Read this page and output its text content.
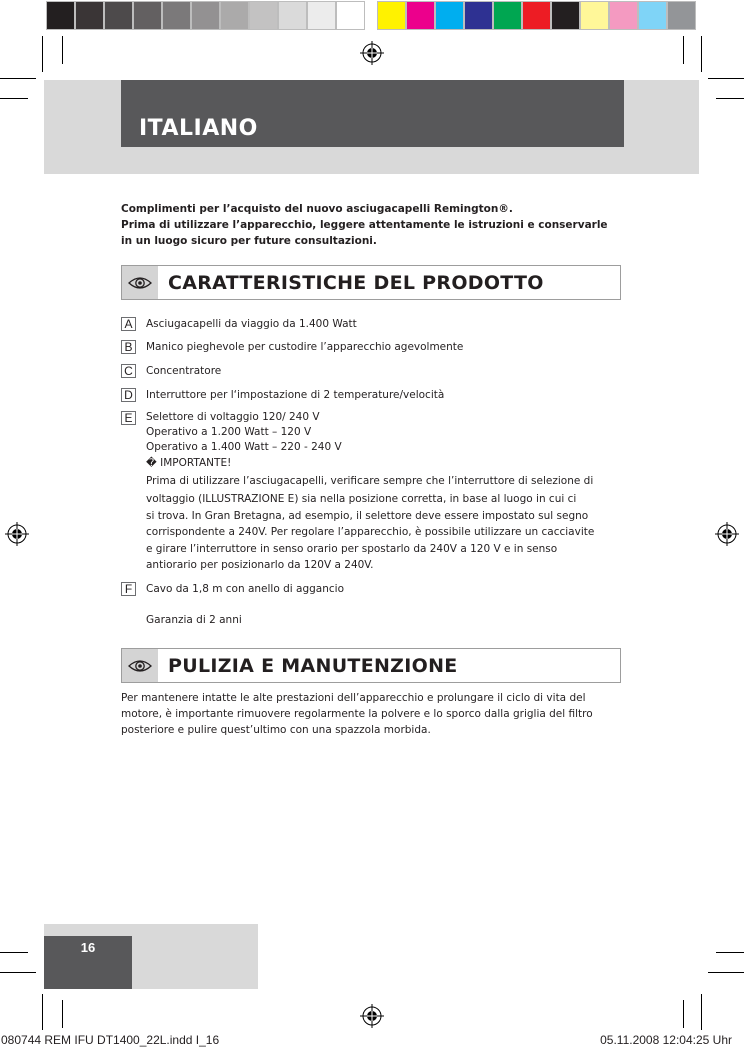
ITALIANO
Complimenti per l’acquisto del nuovo asciugacapelli Remington®.
Prima di utilizzare l’apparecchio, leggere attentamente le istruzioni e conservarle
in un luogo sicuro per future consultazioni.
CARATTERISTICHE DEL PRODOTTO
A	Asciugacapelli da viaggio da 1.400 Watt
B	Manico pieghevole per custodire l’apparecchio agevolmente
C	Concentratore
D	Interruttore per l‘impostazione di 2 temperature/velocità
E	Selettore di voltaggio 120/ 240 V
Operativo a 1.200 Watt – 120 V
Operativo a 1.400 Watt – 220 - 240 V
� IMPORTANTE!
Prima di utilizzare l’asciugacapelli, verificare sempre che l’interruttore di selezione di
voltaggio (ILLUSTRAZIONE E) sia nella posizione corretta, in base al luogo in cui ci
si trova. In Gran Bretagna, ad esempio, il selettore deve essere impostato sul segno
corrispondente a 240V. Per regolare l’apparecchio, è possibile utilizzare un cacciavite
e girare l’interruttore in senso orario per spostarlo da 240V a 120 V e in senso
antiorario per posizionarlo da 120V a 240V.
F	Cavo da 1,8 m con anello di aggancio
Garanzia di 2 anni
PULIZIA E MANUTENZIONE
Per mantenere intatte le alte prestazioni dell’apparecchio e prolungare il ciclo di vita del
motore, è importante rimuovere regolarmente la polvere e lo sporco dalla griglia del filtro
posteriore e pulire quest’ultimo con una spazzola morbida.
16
080744 REM IFU DT1400_22L.indd I_16	05.11.2008 12:04:25 Uhr
